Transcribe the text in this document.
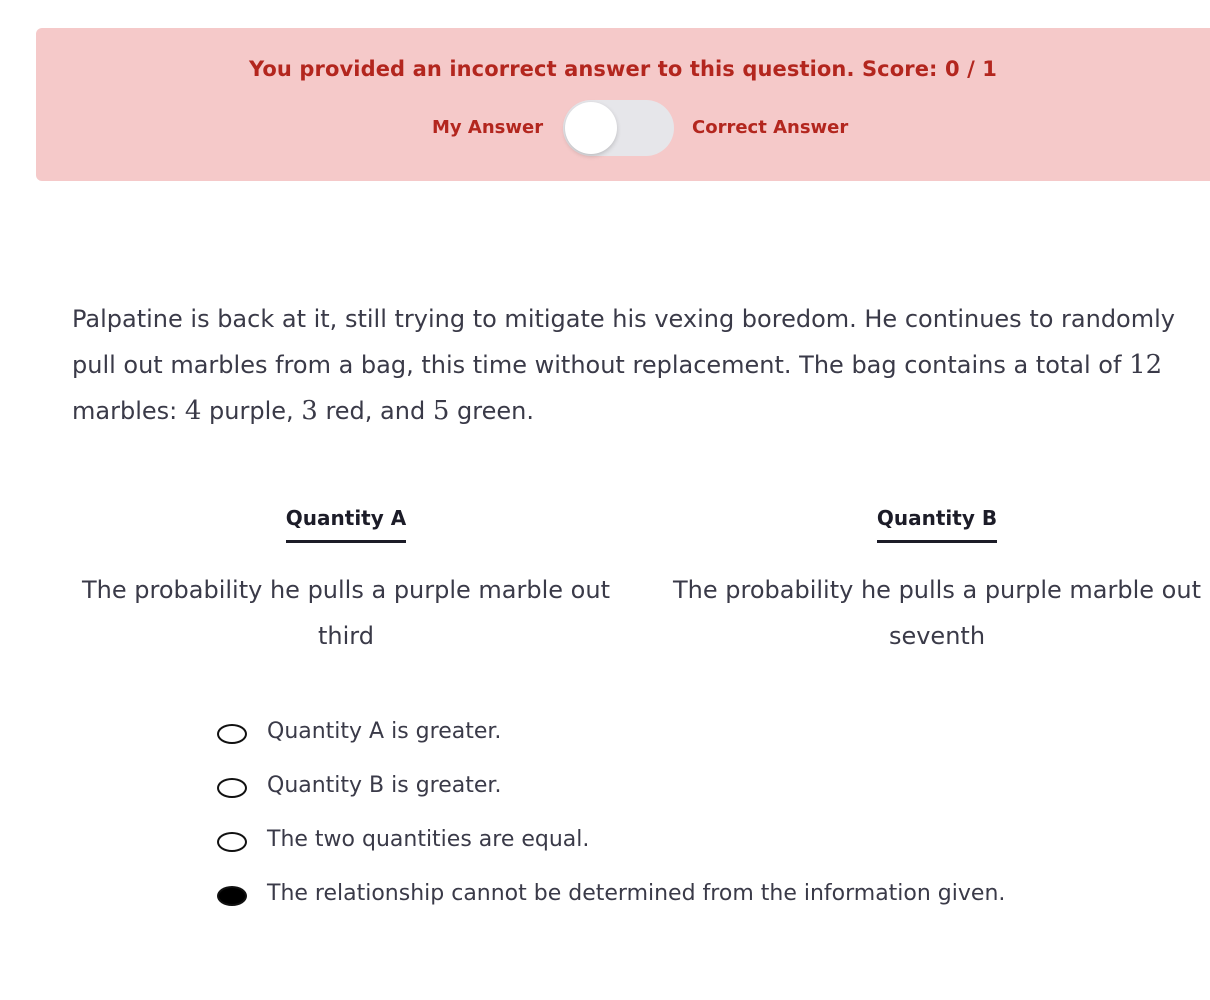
You provided an incorrect answer to this question. Score: 0 / 1
My Answer	Correct Answer
Palpatine is back at it, still trying to mitigate his vexing boredom. He continues to randomly pull out marbles from a bag, this time without replacement. The bag contains a total of 12 marbles: 4 purple, 3 red, and 5 green.
Quantity A
The probability he pulls a purple marble out third
Quantity B
The probability he pulls a purple marble out seventh
Quantity A is greater.
Quantity B is greater.
The two quantities are equal.
The relationship cannot be determined from the information given.
